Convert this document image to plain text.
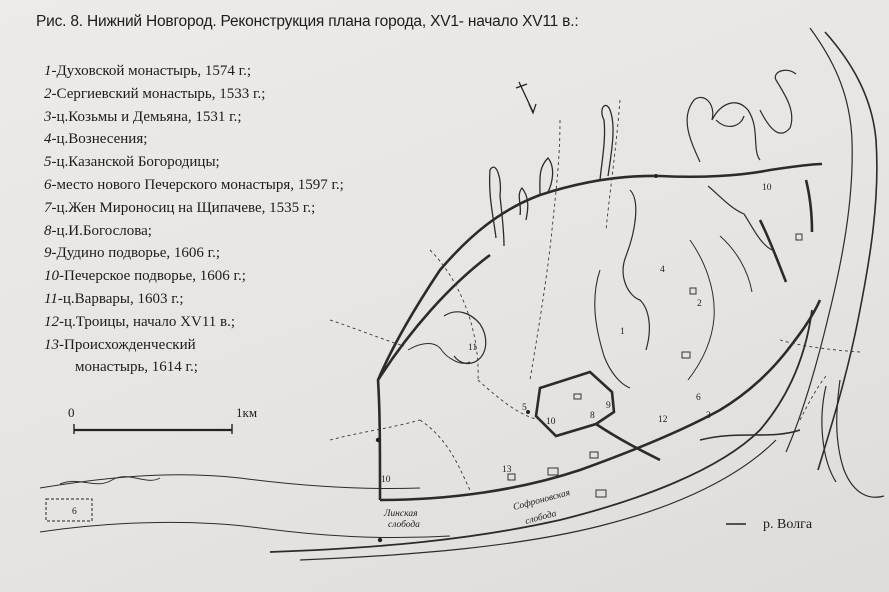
Рис. 8. Нижний Новгород. Реконструкция плана города, XV1- начало XV11 в.:
1-Духовской монастырь, 1574 г.;
2-Сергиевский монастырь, 1533 г.;
3-ц.Козьмы и Демьяна, 1531 г.;
4-ц.Вознесения;
5-ц.Казанской Богородицы;
6-место нового Печерского монастыря, 1597 г.;
7-ц.Жен Мироносиц на Щипачеве, 1535 г.;
8-ц.И.Богослова;
9-Дудино подворье, 1606 г.;
10-Печерское подворье, 1606 г.;
11-ц.Варвары, 1603 г.;
12-ц.Троицы, начало XV11 в.;
13-Происхожденческий
монастырь, 1614 г.;
0	1км
4
2
3
6
5
8
9
10
10
10
11
12
13
6
1
Линская
слобода
Софроновская
слобода	р. Волга
